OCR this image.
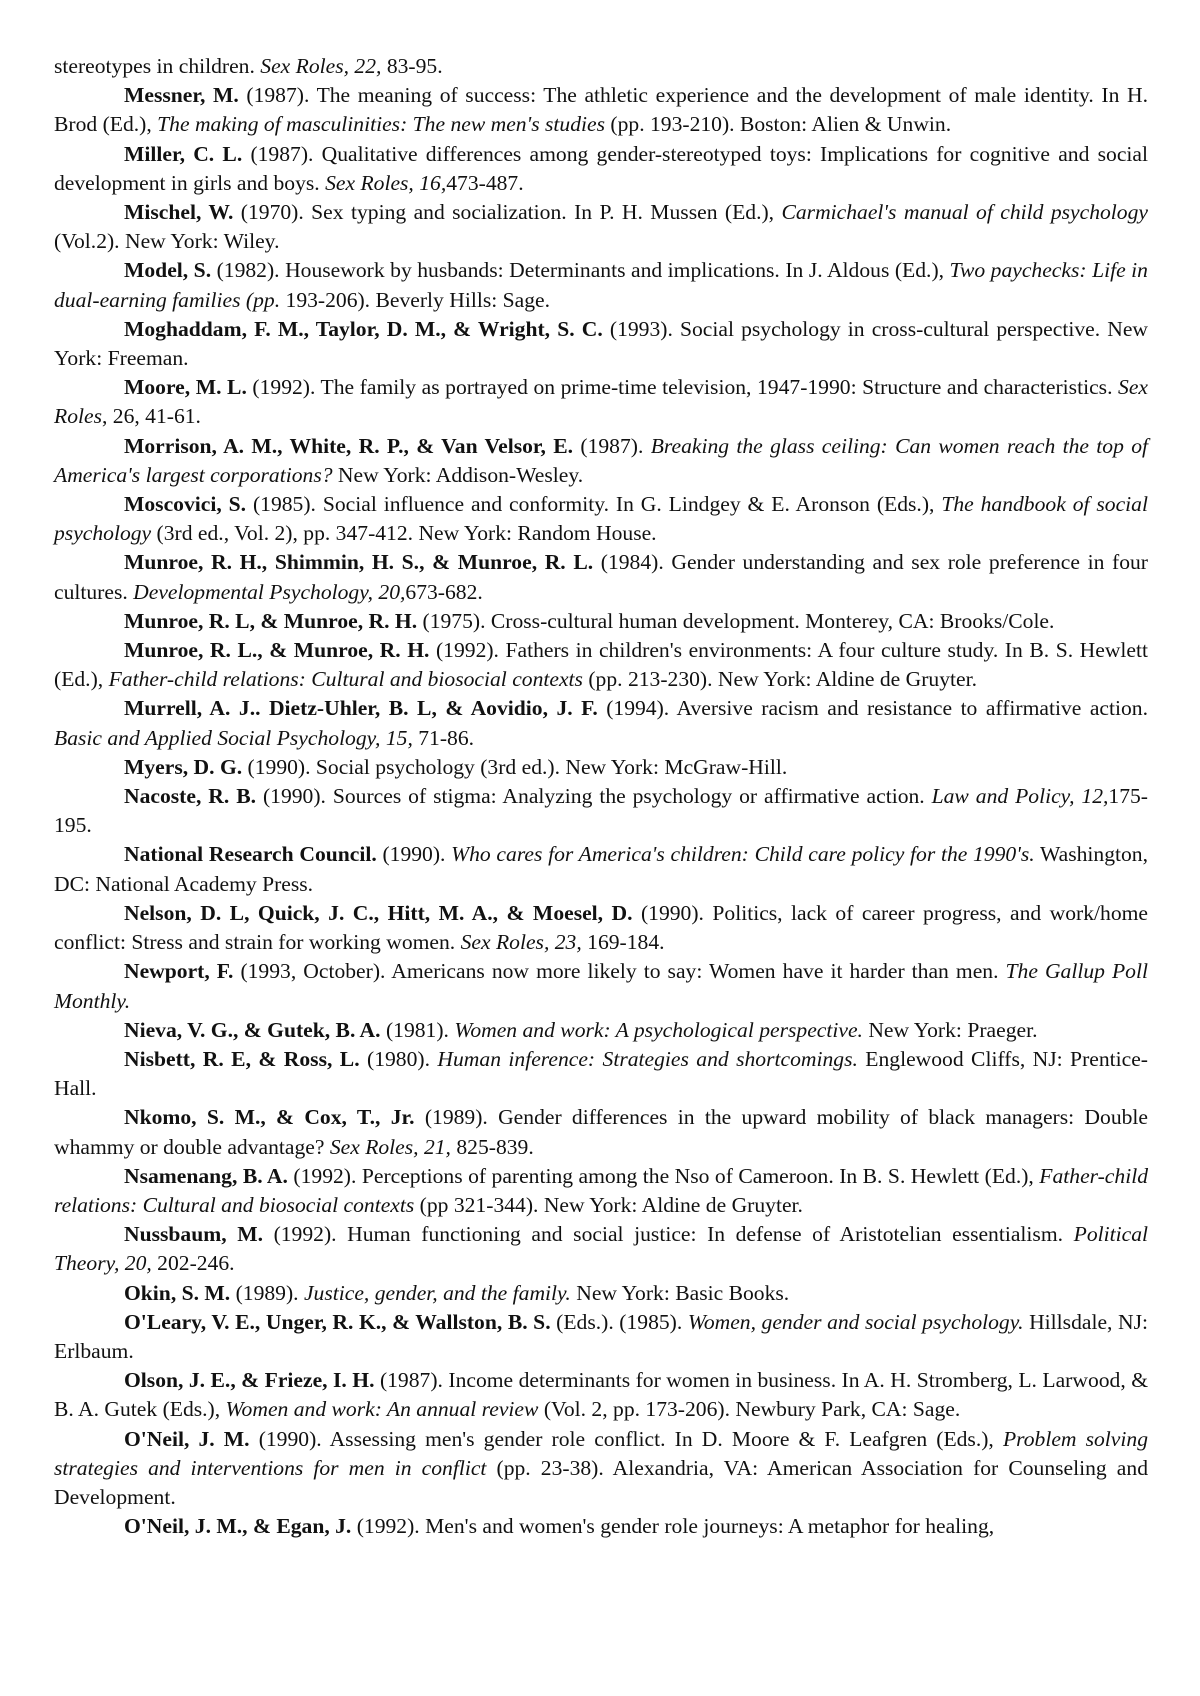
stereotypes in children. Sex Roles, 22, 83-95.

Messner, M. (1987). The meaning of success: The athletic experience and the development of male identity. In H. Brod (Ed.), The making of masculinities: The new men's studies (pp. 193-210). Boston: Alien & Unwin.

Miller, C. L. (1987). Qualitative differences among gender-stereotyped toys: Implications for cognitive and social development in girls and boys. Sex Roles, 16,473-487.

Mischel, W. (1970). Sex typing and socialization. In P. H. Mussen (Ed.), Carmichael's manual of child psychology (Vol.2). New York: Wiley.

Model, S. (1982). Housework by husbands: Determinants and implications. In J. Aldous (Ed.), Two paychecks: Life in dual-earning families (pp. 193-206). Beverly Hills: Sage.

Moghaddam, F. M., Taylor, D. M., & Wright, S. C. (1993). Social psychology in cross-cultural perspective. New York: Freeman.

Moore, M. L. (1992). The family as portrayed on prime-time television, 1947-1990: Structure and characteristics. Sex Roles, 26, 41-61.

Morrison, A. M., White, R. P., & Van Velsor, E. (1987). Breaking the glass ceiling: Can women reach the top of America's largest corporations? New York: Addison-Wesley.

Moscovici, S. (1985). Social influence and conformity. In G. Lindgey & E. Aronson (Eds.), The handbook of social psychology (3rd ed., Vol. 2), pp. 347-412. New York: Random House.

Munroe, R. H., Shimmin, H. S., & Munroe, R. L. (1984). Gender understanding and sex role preference in four cultures. Developmental Psychology, 20,673-682.

Munroe, R. L, & Munroe, R. H. (1975). Cross-cultural human development. Monterey, CA: Brooks/Cole.

Munroe, R. L., & Munroe, R. H. (1992). Fathers in children's environments: A four culture study. In B. S. Hewlett (Ed.), Father-child relations: Cultural and biosocial contexts (pp. 213-230). New York: Aldine de Gruyter.

Murrell, A. J.. Dietz-Uhler, B. L, & Aovidio, J. F. (1994). Aversive racism and resistance to affirmative action. Basic and Applied Social Psychology, 15, 71-86.

Myers, D. G. (1990). Social psychology (3rd ed.). New York: McGraw-Hill.

Nacoste, R. B. (1990). Sources of stigma: Analyzing the psychology or affirmative action. Law and Policy, 12,175-195.

National Research Council. (1990). Who cares for America's children: Child care policy for the 1990's. Washington, DC: National Academy Press.

Nelson, D. L, Quick, J. C., Hitt, M. A., & Moesel, D. (1990). Politics, lack of career progress, and work/home conflict: Stress and strain for working women. Sex Roles, 23, 169-184.

Newport, F. (1993, October). Americans now more likely to say: Women have it harder than men. The Gallup Poll Monthly.

Nieva, V. G., & Gutek, B. A. (1981). Women and work: A psychological perspective. New York: Praeger.

Nisbett, R. E, & Ross, L. (1980). Human inference: Strategies and shortcomings. Englewood Cliffs, NJ: Prentice-Hall.

Nkomo, S. M., & Cox, T., Jr. (1989). Gender differences in the upward mobility of black managers: Double whammy or double advantage? Sex Roles, 21, 825-839.

Nsamenang, B. A. (1992). Perceptions of parenting among the Nso of Cameroon. In B. S. Hewlett (Ed.), Father-child relations: Cultural and biosocial contexts (pp 321-344). New York: Aldine de Gruyter.

Nussbaum, M. (1992). Human functioning and social justice: In defense of Aristotelian essentialism. Political Theory, 20, 202-246.

Okin, S. M. (1989). Justice, gender, and the family. New York: Basic Books.

O'Leary, V. E., Unger, R. K., & Wallston, B. S. (Eds.). (1985). Women, gender and social psychology. Hillsdale, NJ: Erlbaum.

Olson, J. E., & Frieze, I. H. (1987). Income determinants for women in business. In A. H. Stromberg, L. Larwood, & B. A. Gutek (Eds.), Women and work: An annual review (Vol. 2, pp. 173-206). Newbury Park, CA: Sage.

O'Neil, J. M. (1990). Assessing men's gender role conflict. In D. Moore & F. Leafgren (Eds.), Problem solving strategies and interventions for men in conflict (pp. 23-38). Alexandria, VA: American Association for Counseling and Development.

O'Neil, J. M., & Egan, J. (1992). Men's and women's gender role journeys: A metaphor for healing,
